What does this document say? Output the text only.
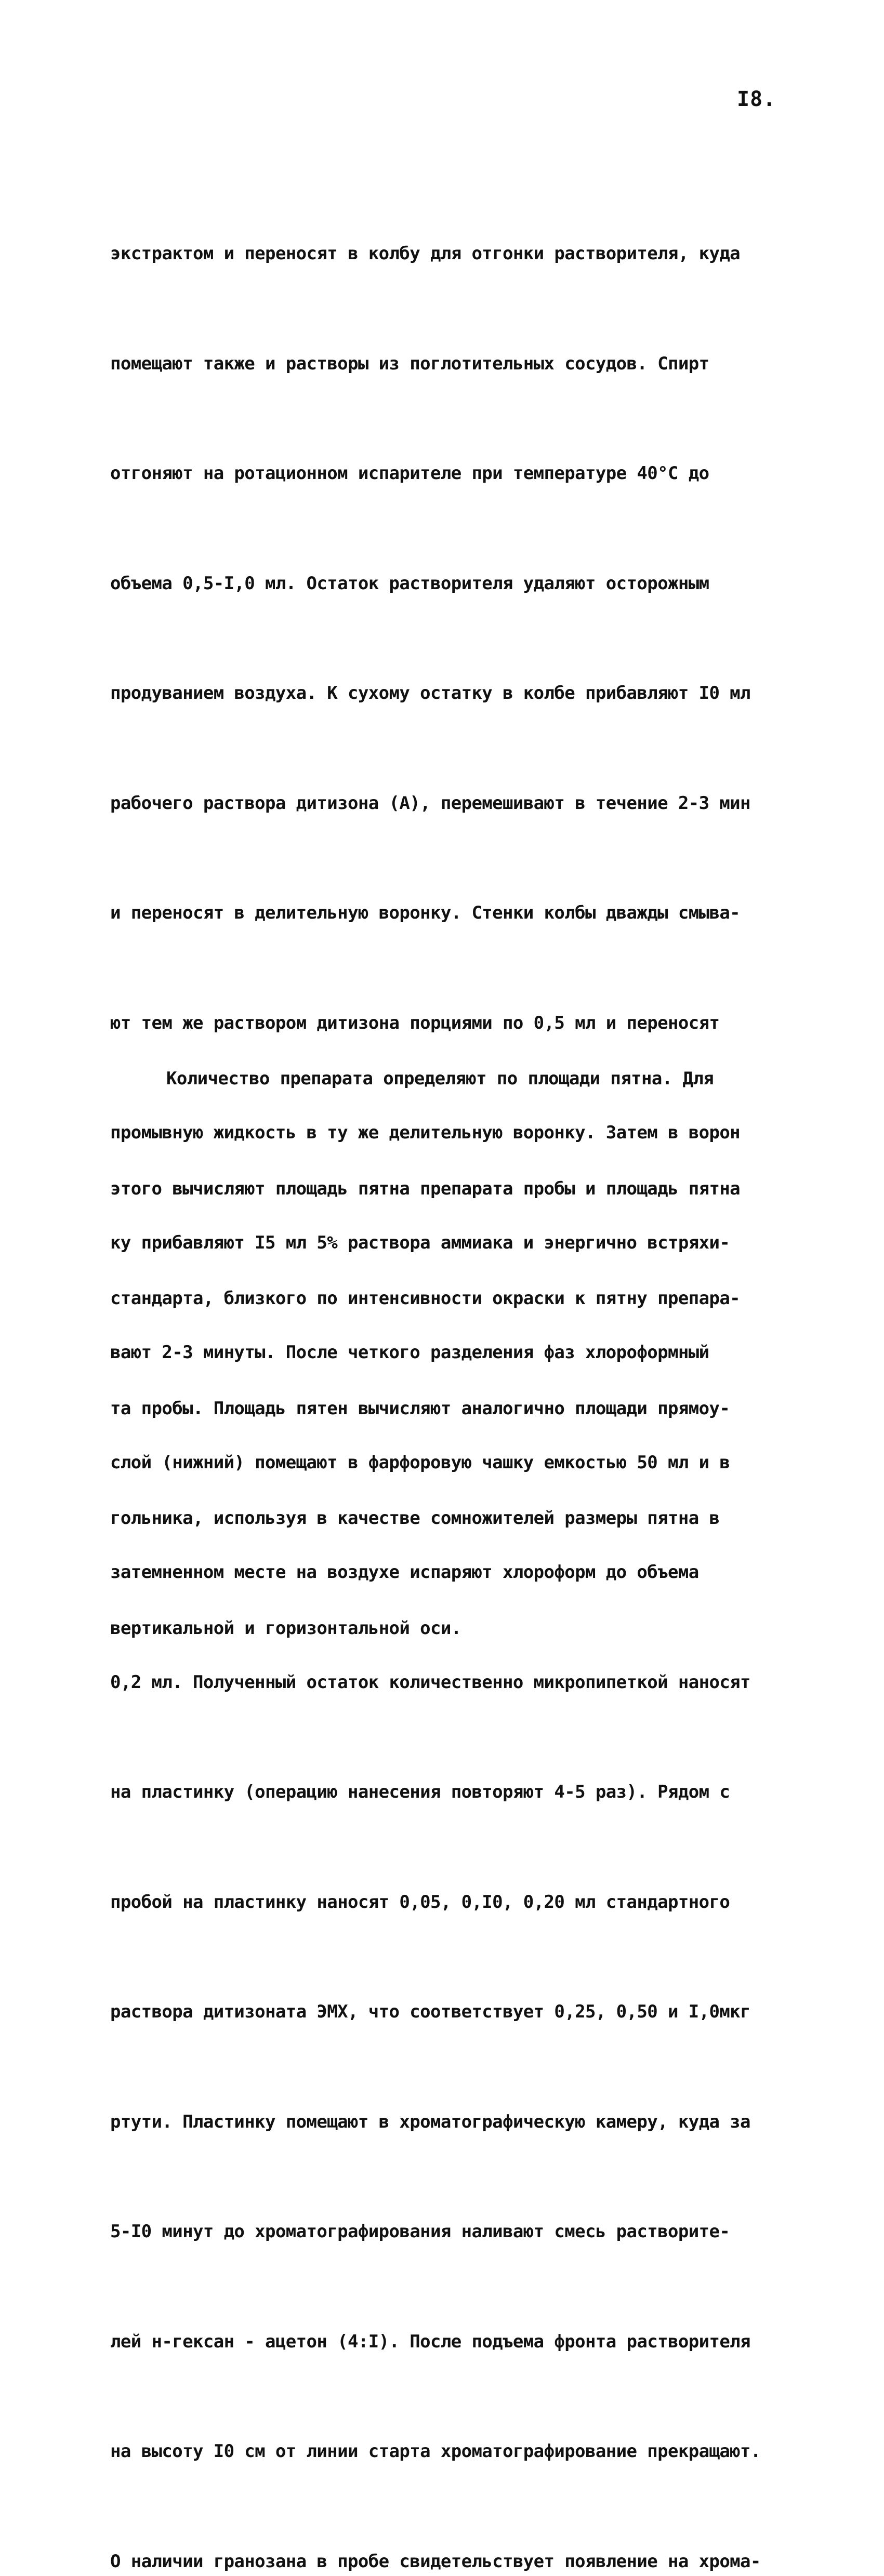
I8.

экстрактом и переносят в колбу для отгонки растворителя, куда

помещают также и растворы из поглотительных сосудов. Спирт

отгоняют на ротационном испарителе при температуре 40°С до

объема 0,5-I,0 мл. Остаток растворителя удаляют осторожным

продуванием воздуха. К сухому остатку в колбе прибавляют I0 мл

рабочего раствора дитизона (А), перемешивают в течение 2-3 мин

и переносят в делительную воронку. Стенки колбы дважды смыва-

ют тем же раствором дитизона порциями по 0,5 мл и переносят

промывную жидкость в ту же делительную воронку. Затем в ворон

ку прибавляют I5 мл 5% раствора аммиака и энергично встряхи-

вают 2-3 минуты. После четкого разделения фаз хлороформный

слой (нижний) помещают в фарфоровую чашку емкостью 50 мл и в

затемненном месте на воздухе испаряют хлороформ до объема

0,2 мл. Полученный остаток количественно микропипеткой наносят

на пластинку (операцию нанесения повторяют 4-5 раз). Рядом с

пробой на пластинку наносят 0,05, 0,I0, 0,20 мл стандартного

раствора дитизоната ЭМХ, что соответствует 0,25, 0,50 и I,0мкг

ртути. Пластинку помещают в хроматографическую камеру, куда за

5-I0 минут до хроматографирования наливают смесь растворите-

лей н-гексан - ацетон (4:I). После подъема фронта растворителя

на высоту I0 см от линии старта хроматографирование прекращают.

О наличии гранозана в пробе свидетельствует появление на хрома-

Количество препарата определяют по площади пятна. Для

этого вычисляют площадь пятна препарата пробы и площадь пятна

стандарта, близкого по интенсивности окраски к пятну препара-

та пробы. Площадь пятен вычисляют аналогично площади прямоу-

гольника, используя в качестве сомножителей размеры пятна в

вертикальной и горизонтальной оси.
